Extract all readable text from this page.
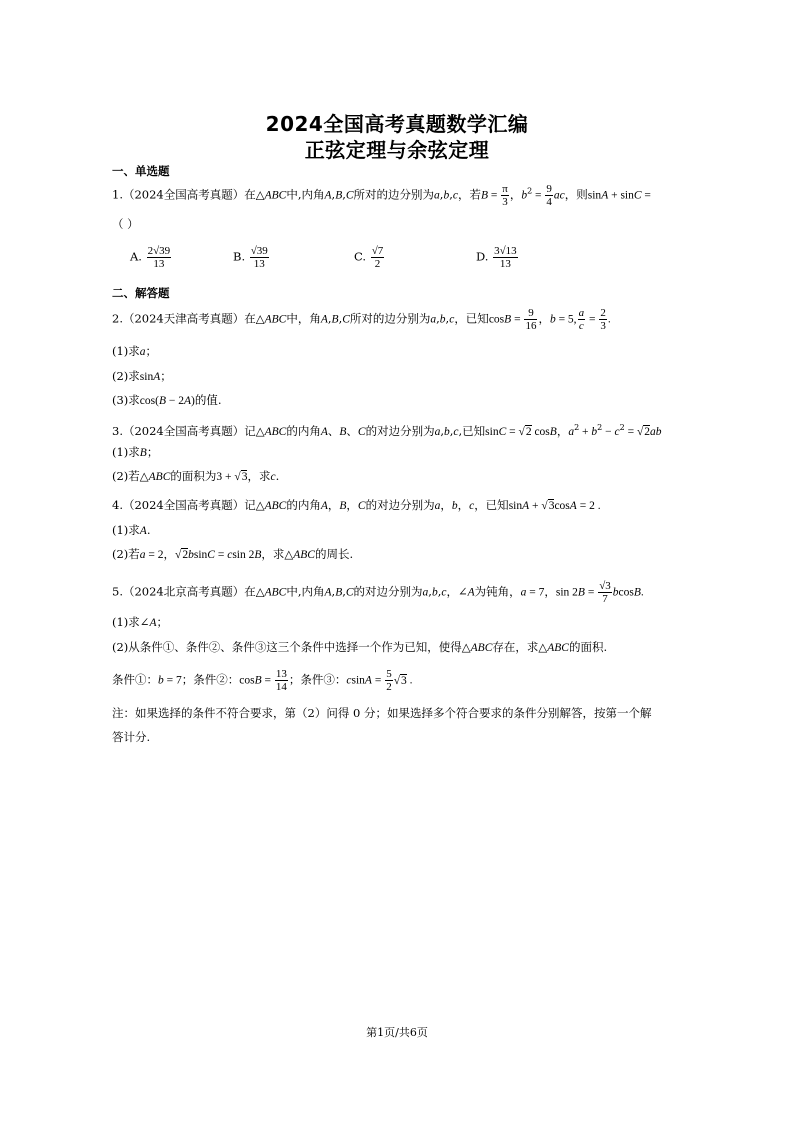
2024全国高考真题数学汇编
正弦定理与余弦定理
一、单选题
1.（2024全国高考真题）在△ABC中,内角A,B,C所对的边分别为a,b,c，若$B = \frac{\pi}{3}$ ，$b^2 = \frac{9}{4}$ ac，则sinA + sinC =
（ ）
A. $\frac{2√39}{13}$	B. $\frac{√39}{13}$	C. $\frac{√7}{2}$	D. $\frac{3√13}{13}$
二、解答题
2.（2024天津高考真题）在△ABC中，角A,B,C所对的边分别为a,b,c，已知$\cos B = \frac{9}{16}$ ，b = 5, $\frac{a}{c} = \frac{2}{3}$ .
(1)求a；
(2)求sinA；
(3)求cos(B − 2A)的值.
3.（2024全国高考真题）记△ABC的内角A、B、C的对边分别为a,b,c,已知sinC = √2 cosB，$a^2 + b^2 - c^2 = √2ab$
(1)求B；
(2)若△ABC的面积为3 + √3，求c.
4.（2024全国高考真题）记△ABC的内角A，B，C的对边分别为a，b，c，已知sinA + √3cosA = 2 .
(1)求A.
(2)若a = 2，√2bsinC = csin 2B，求△ABC的周长.
5.（2024北京高考真题）在△ABC中,内角A,B,C的对边分别为a,b,c，∠A为钝角，a = 7，$\sin 2B = \frac{√3}{7} bcosB$.
(1)求∠A；
(2)从条件①、条件②、条件③这三个条件中选择一个作为已知，使得△ABC存在，求△ABC的面积.
条件①：b = 7；条件②：$\cos B = \frac{13}{14}$ ；条件③：$csinA = \frac{5}{2} √3$ .
注：如果选择的条件不符合要求，第（2）问得 0 分；如果选择多个符合要求的条件分别解答，按第一个解
答计分.
第1页/共6页
